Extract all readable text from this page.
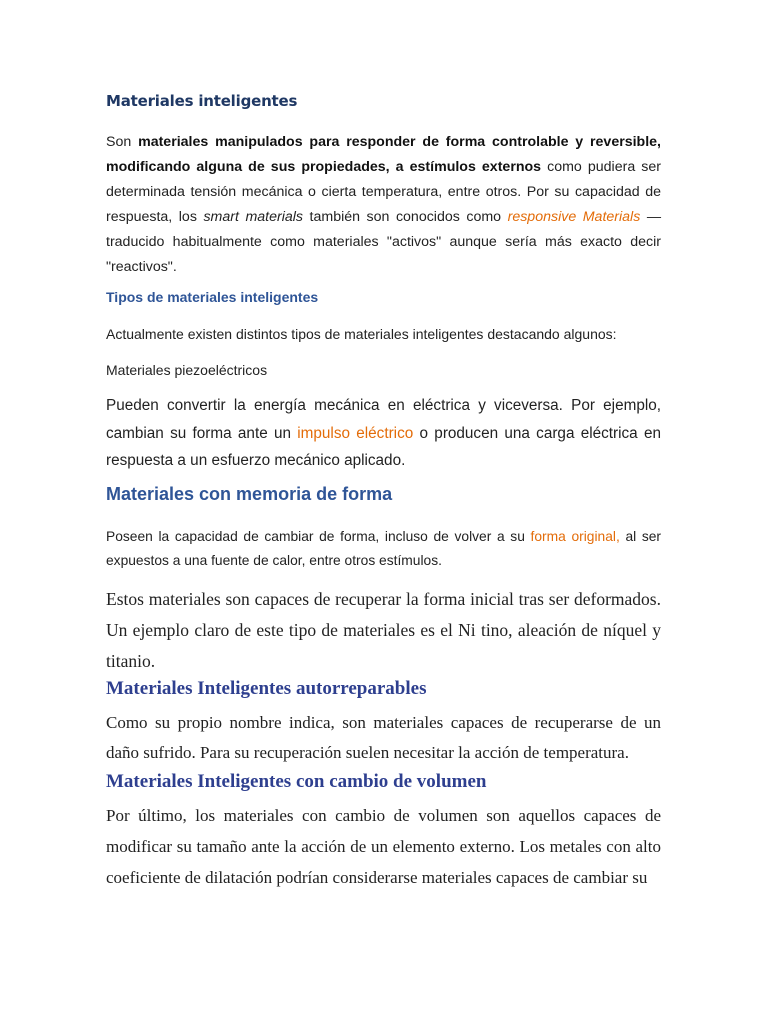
Materiales inteligentes

Son materiales manipulados para responder de forma controlable y reversible, modificando alguna de sus propiedades, a estímulos externos como pudiera ser determinada tensión mecánica o cierta temperatura, entre otros. Por su capacidad de respuesta, los smart materials también son conocidos como responsive Materials — traducido habitualmente como materiales "activos" aunque sería más exacto decir "reactivos".

Tipos de materiales inteligentes

Actualmente existen distintos tipos de materiales inteligentes destacando algunos:

Materiales piezoeléctricos

Pueden convertir la energía mecánica en eléctrica y viceversa. Por ejemplo, cambian su forma ante un impulso eléctrico o producen una carga eléctrica en respuesta a un esfuerzo mecánico aplicado.

Materiales con memoria de forma

Poseen la capacidad de cambiar de forma, incluso de volver a su forma original, al ser expuestos a una fuente de calor, entre otros estímulos.

Estos materiales son capaces de recuperar la forma inicial tras ser deformados. Un ejemplo claro de este tipo de materiales es el Ni tino, aleación de níquel y titanio.

Materiales Inteligentes autorreparables

Como su propio nombre indica, son materiales capaces de recuperarse de un daño sufrido. Para su recuperación suelen necesitar la acción de temperatura.

Materiales Inteligentes con cambio de volumen

Por último, los materiales con cambio de volumen son aquellos capaces de modificar su tamaño ante la acción de un elemento externo. Los metales con alto coeficiente de dilatación podrían considerarse materiales capaces de cambiar su
